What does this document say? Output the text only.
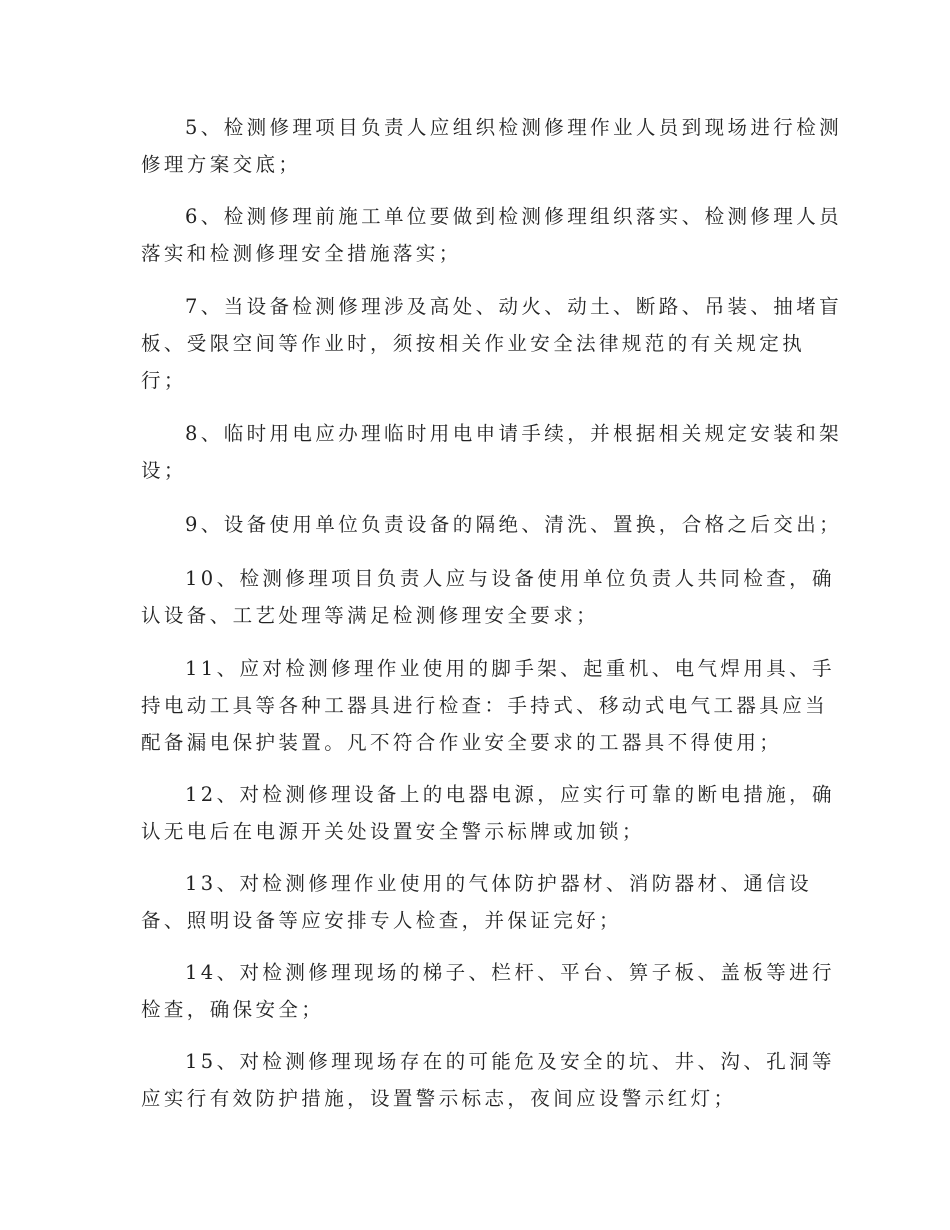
5、检测修理项目负责人应组织检测修理作业人员到现场进行检测
修理方案交底；

6、检测修理前施工单位要做到检测修理组织落实、检测修理人员
落实和检测修理安全措施落实；

7、当设备检测修理涉及高处、动火、动土、断路、吊装、抽堵盲
板、受限空间等作业时，须按相关作业安全法律规范的有关规定执
行；

8、临时用电应办理临时用电申请手续，并根据相关规定安装和架
设；

9、设备使用单位负责设备的隔绝、清洗、置换，合格之后交出；

10、检测修理项目负责人应与设备使用单位负责人共同检查，确
认设备、工艺处理等满足检测修理安全要求；

11、应对检测修理作业使用的脚手架、起重机、电气焊用具、手
持电动工具等各种工器具进行检查：手持式、移动式电气工器具应当
配备漏电保护装置。凡不符合作业安全要求的工器具不得使用；

12、对检测修理设备上的电器电源，应实行可靠的断电措施，确
认无电后在电源开关处设置安全警示标牌或加锁；

13、对检测修理作业使用的气体防护器材、消防器材、通信设
备、照明设备等应安排专人检查，并保证完好；

14、对检测修理现场的梯子、栏杆、平台、箅子板、盖板等进行
检查，确保安全；

15、对检测修理现场存在的可能危及安全的坑、井、沟、孔洞等
应实行有效防护措施，设置警示标志，夜间应设警示红灯；
